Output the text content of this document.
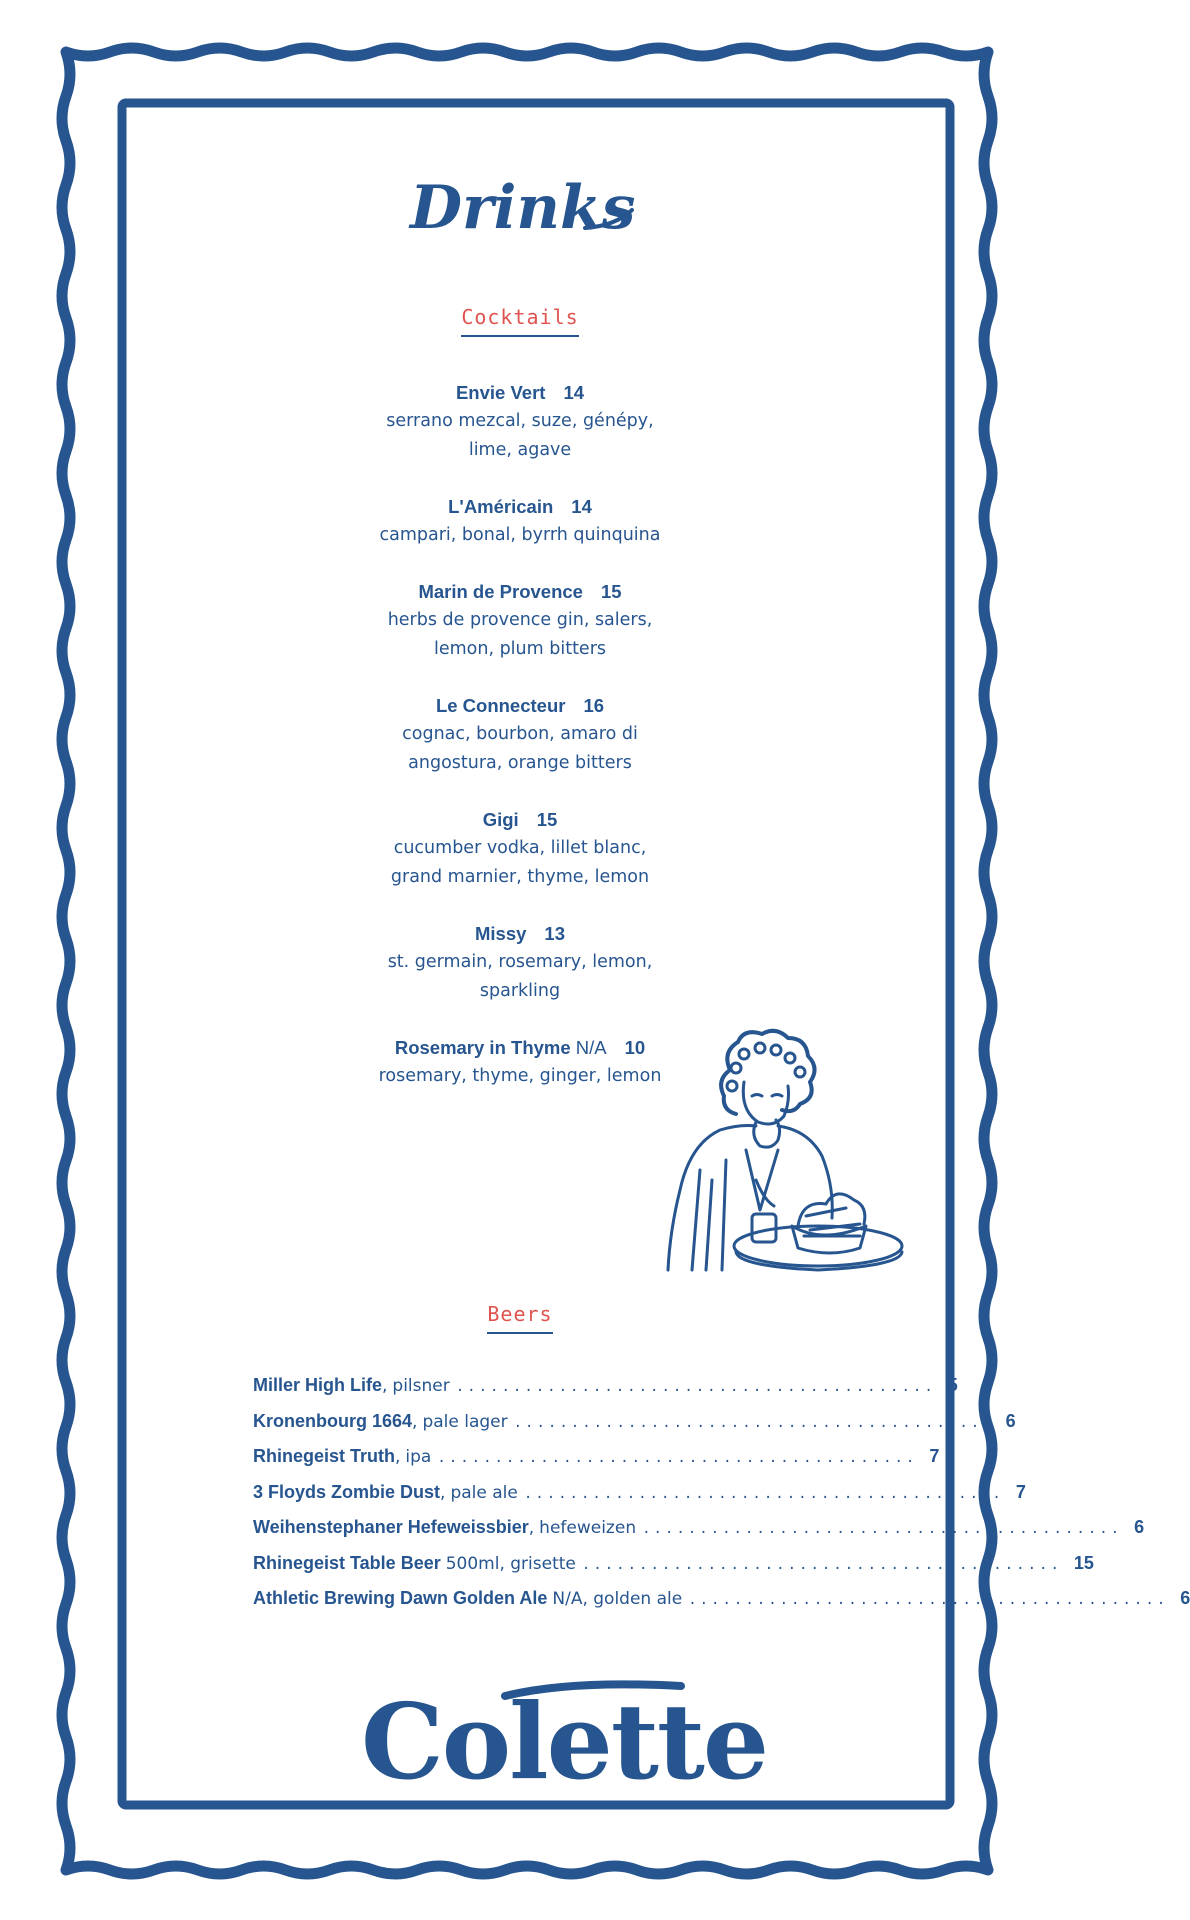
Drinks
Cocktails
Envie Vert 14
serrano mezcal, suze, génépy,
lime, agave
L'Américain 14
campari, bonal, byrrh quinquina
Marin de Provence 15
herbs de provence gin, salers,
lemon, plum bitters
Le Connecteur 16
cognac, bourbon, amaro di
angostura, orange bitters
Gigi 15
cucumber vodka, lillet blanc,
grand marnier, thyme, lemon
Missy 13
st. germain, rosemary, lemon,
sparkling
Rosemary in Thyme N/A 10
rosemary, thyme, ginger, lemon
Beers
Miller High Life , pilsner .......................................... 5
Kronenbourg 1664 , pale lager .......................................... 6
Rhinegeist Truth , ipa .......................................... 7
3 Floyds Zombie Dust , pale ale .......................................... 7
Weihenstephaner Hefeweissbier , hefeweizen .......................................... 6
Rhinegeist Table Beer 500ml, grisette .......................................... 15
Athletic Brewing Dawn Golden Ale N/A, golden ale .......................................... 6
Colette
